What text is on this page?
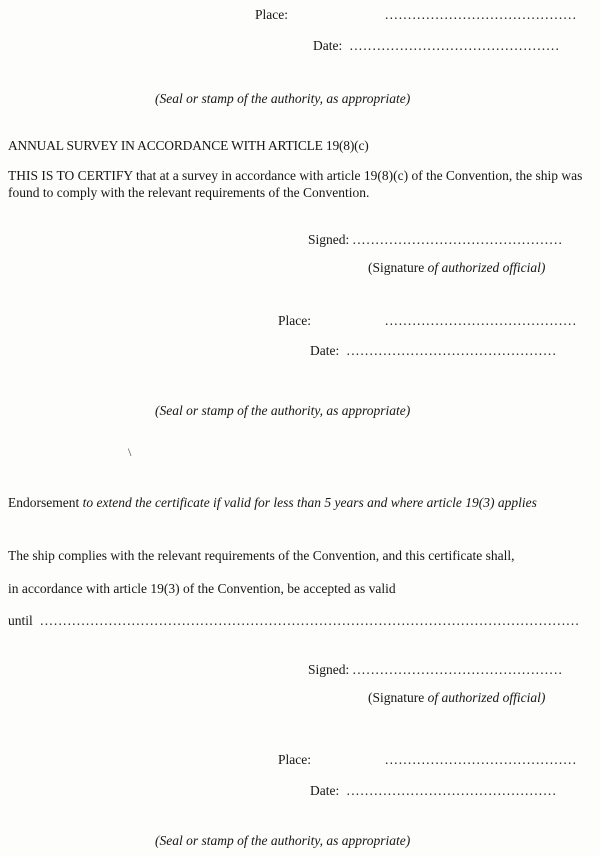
Place:	..........................................
Date: ..............................................
(Seal or stamp of the authority, as appropriate)
ANNUAL SURVEY IN ACCORDANCE WITH ARTICLE 19(8)(c)
THIS IS TO CERTIFY that at a survey in accordance with article 19(8)(c) of the Convention, the ship was found to comply with the relevant requirements of the Convention.
Signed: ..............................................
(Signature of authorized official)
Place:	..........................................
Date: ..............................................
(Seal or stamp of the authority, as appropriate)
\
Endorsement to extend the certificate if valid for less than 5 years and where article 19(3) applies
The ship complies with the relevant requirements of the Convention, and this certificate shall,
in accordance with article 19(3) of the Convention, be accepted as valid
until ......................................................................................................................
Signed: ..............................................
(Signature of authorized official)
Place:	..........................................
Date: ..............................................
(Seal or stamp of the authority, as appropriate)
